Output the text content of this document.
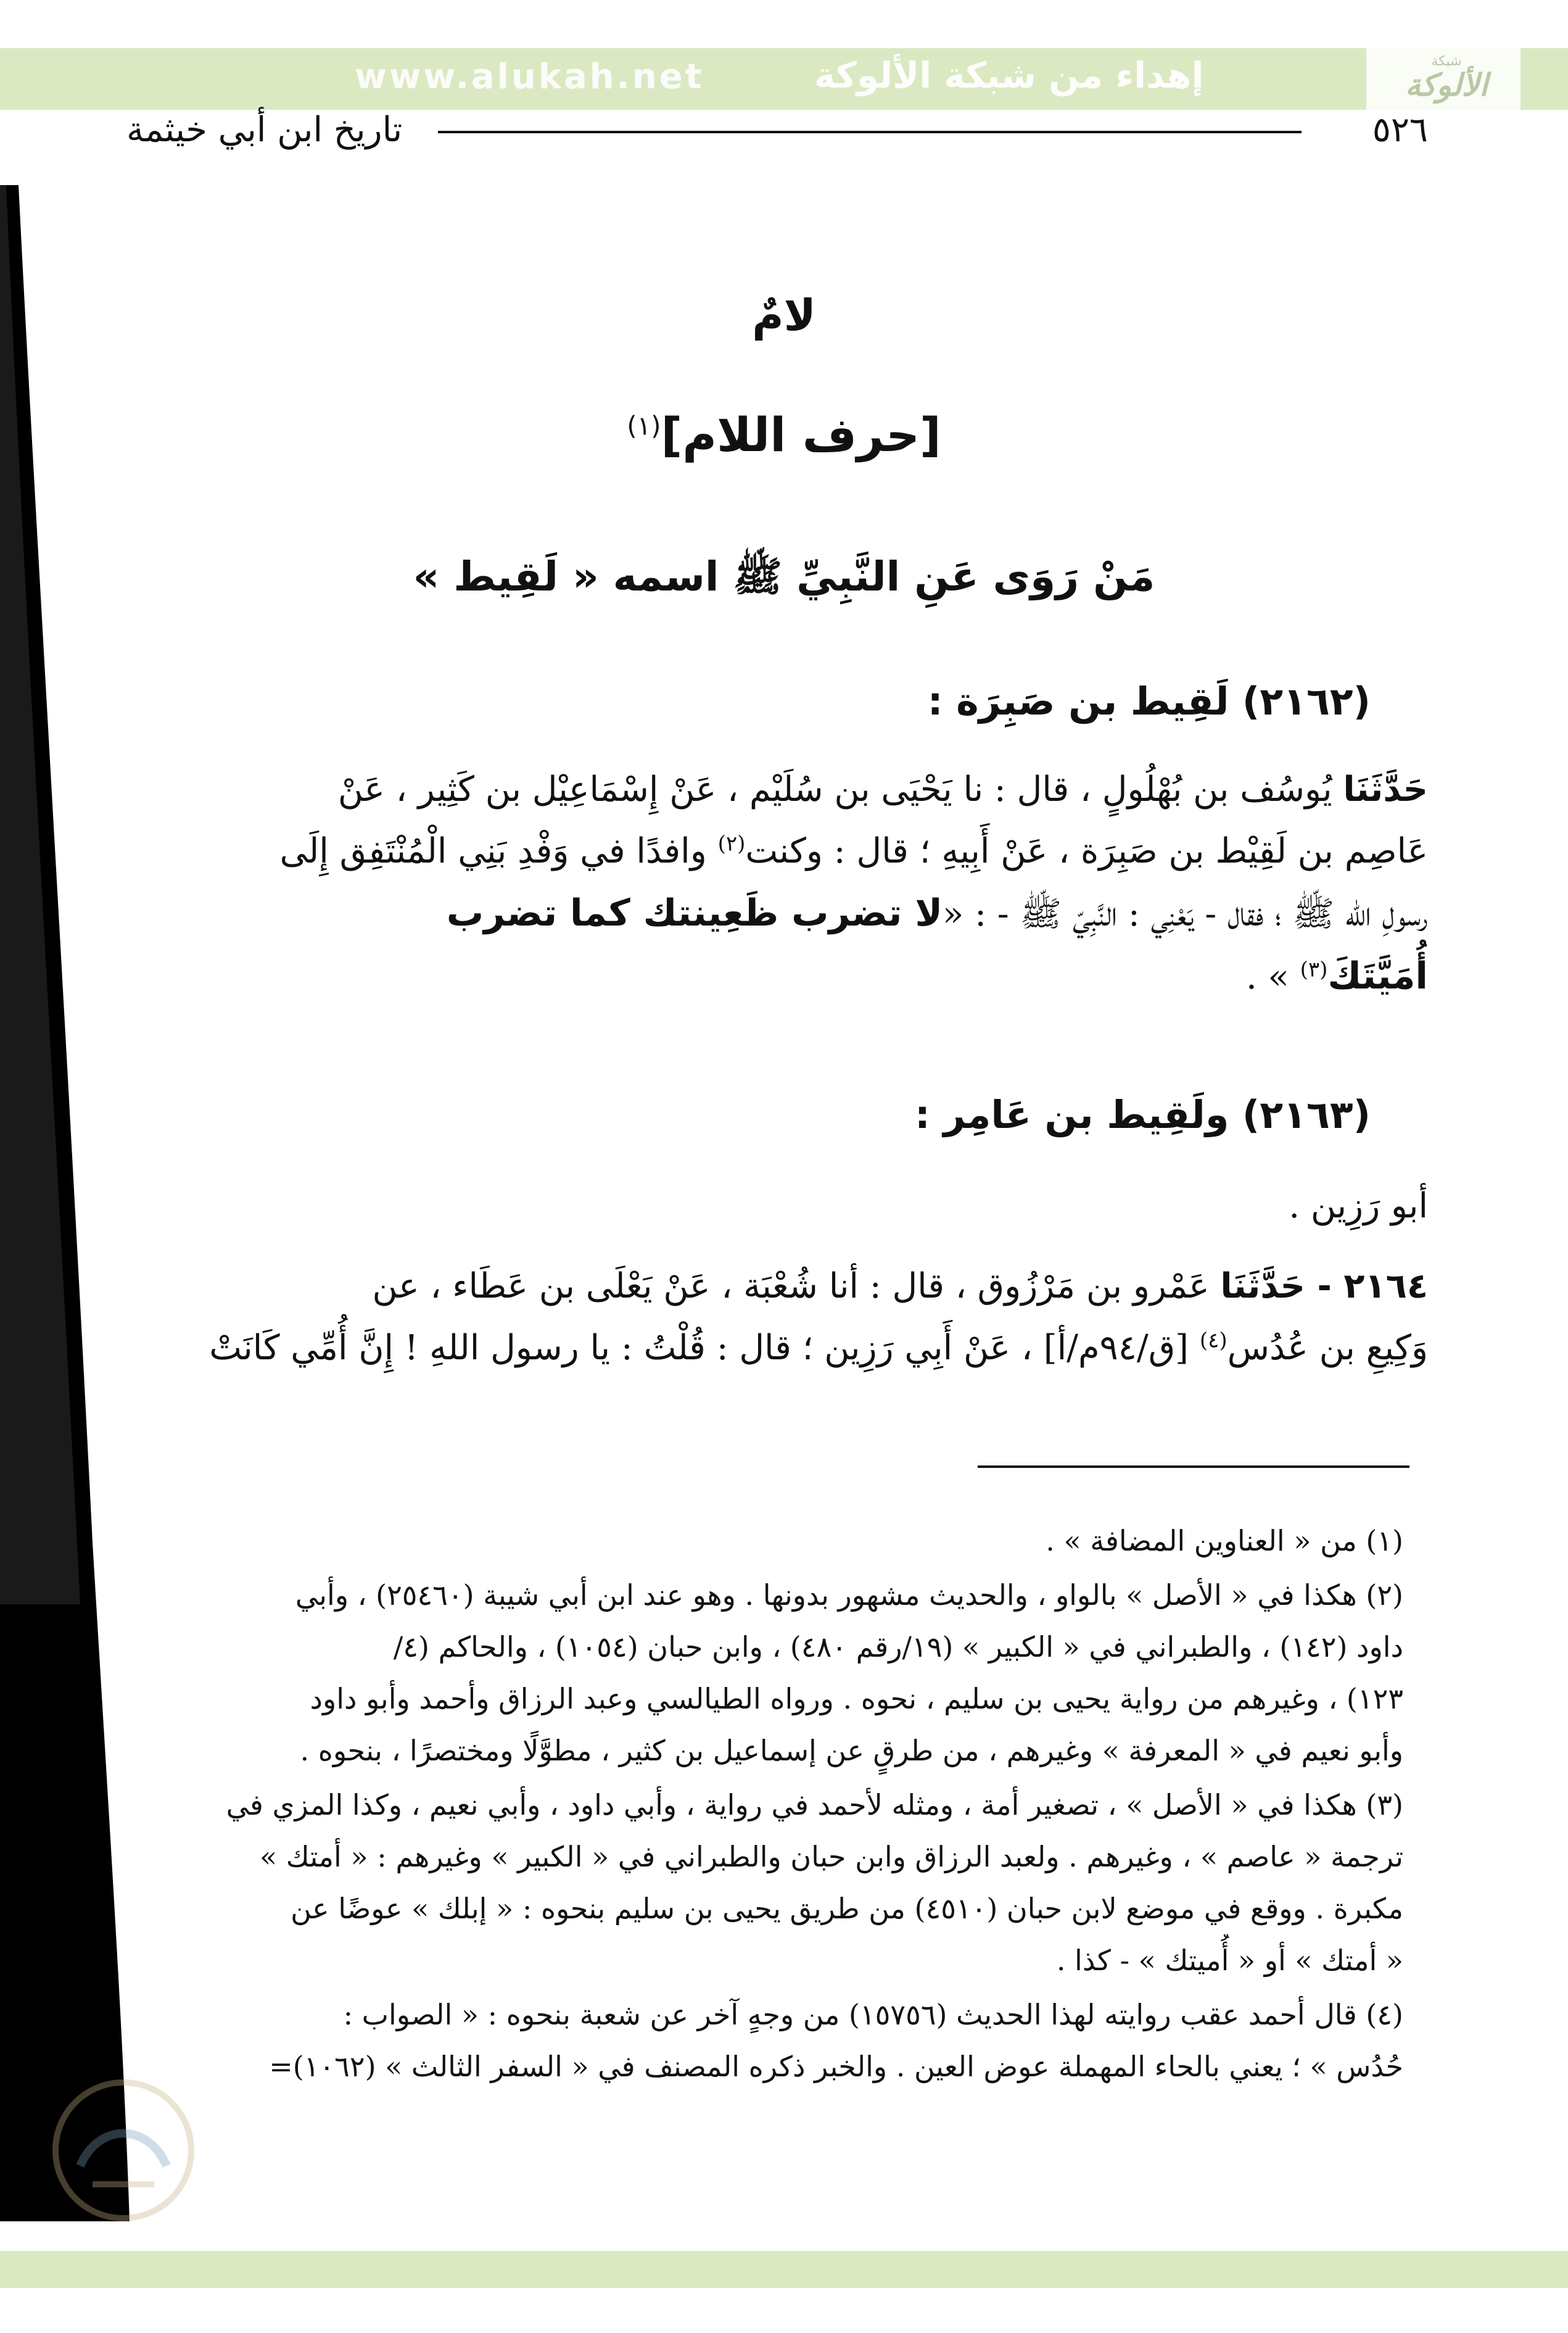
www.alukah.net	إهداء من شبكة الألوكة	شبكة
الألوكة
تاريخ ابن أبي خيثمة	٥٢٦
لامٌ
[حرف اللام]$^{(١)}$
مَنْ رَوَى عَنِ النَّبِيِّ ﷺ اسمه « لَقِيط »
(٢١٦٢) لَقِيط بن صَبِرَة :
حَدَّثَنَا يُوسُف بن بُهْلُولٍ ، قال : نا يَحْيَى بن سُلَيْم ، عَنْ إِسْمَاعِيْل بن كَثِير ، عَنْ
عَاصِم بن لَقِيْط بن صَبِرَة ، عَنْ أَبِيهِ ؛ قال : وكنت$^{(٢)}$ وافدًا في وَفْدِ بَنِي الْمُنْتَفِق إِلَى
رسولِ الله ﷺ ؛ فقال - يَعْنِي : النَّبِيّ ﷺ - : «لا تضرب ظَعِينتك كما تضرب
أُمَيَّتَكَ$^{(٣)}$ » .
(٢١٦٣) ولَقِيط بن عَامِر :
أبو رَزِين .
٢١٦٤ - حَدَّثَنَا عَمْرو بن مَرْزُوق ، قال : أنا شُعْبَة ، عَنْ يَعْلَى بن عَطَاء ، عن
وَكِيعِ بن عُدُس$^{(٤)}$ [ق/٩٤م/أ] ، عَنْ أَبِي رَزِين ؛ قال : قُلْتُ : يا رسول اللهِ ! إِنَّ أُمِّي كَانَتْ

(١) من « العناوين المضافة » .

(٢) هكذا في « الأصل » بالواو ، والحديث مشهور بدونها . وهو عند ابن أبي شيبة (٢٥٤٦٠) ، وأبي
داود (١٤٢) ، والطبراني في « الكبير » (١٩/رقم ٤٨٠) ، وابن حبان (١٠٥٤) ، والحاكم (٤/
١٢٣) ، وغيرهم من رواية يحيى بن سليم ، نحوه . ورواه الطيالسي وعبد الرزاق وأحمد وأبو داود
وأبو نعيم في « المعرفة » وغيرهم ، من طرقٍ عن إسماعيل بن كثير ، مطوَّلًا ومختصرًا ، بنحوه .

(٣) هكذا في « الأصل » ، تصغير أمة ، ومثله لأحمد في رواية ، وأبي داود ، وأبي نعيم ، وكذا المزي في
ترجمة « عاصم » ، وغيرهم . ولعبد الرزاق وابن حبان والطبراني في « الكبير » وغيرهم : « أمتك »
مكبرة . ووقع في موضع لابن حبان (٤٥١٠) من طريق يحيى بن سليم بنحوه : « إبلك » عوضًا عن
« أمتك » أو « أُميتك » - كذا .

(٤) قال أحمد عقب روايته لهذا الحديث (١٥٧٥٦) من وجهٍ آخر عن شعبة بنحوه : « الصواب :
حُدُس » ؛ يعني بالحاء المهملة عوض العين . والخبر ذكره المصنف في « السفر الثالث » (١٠٦٢)=
